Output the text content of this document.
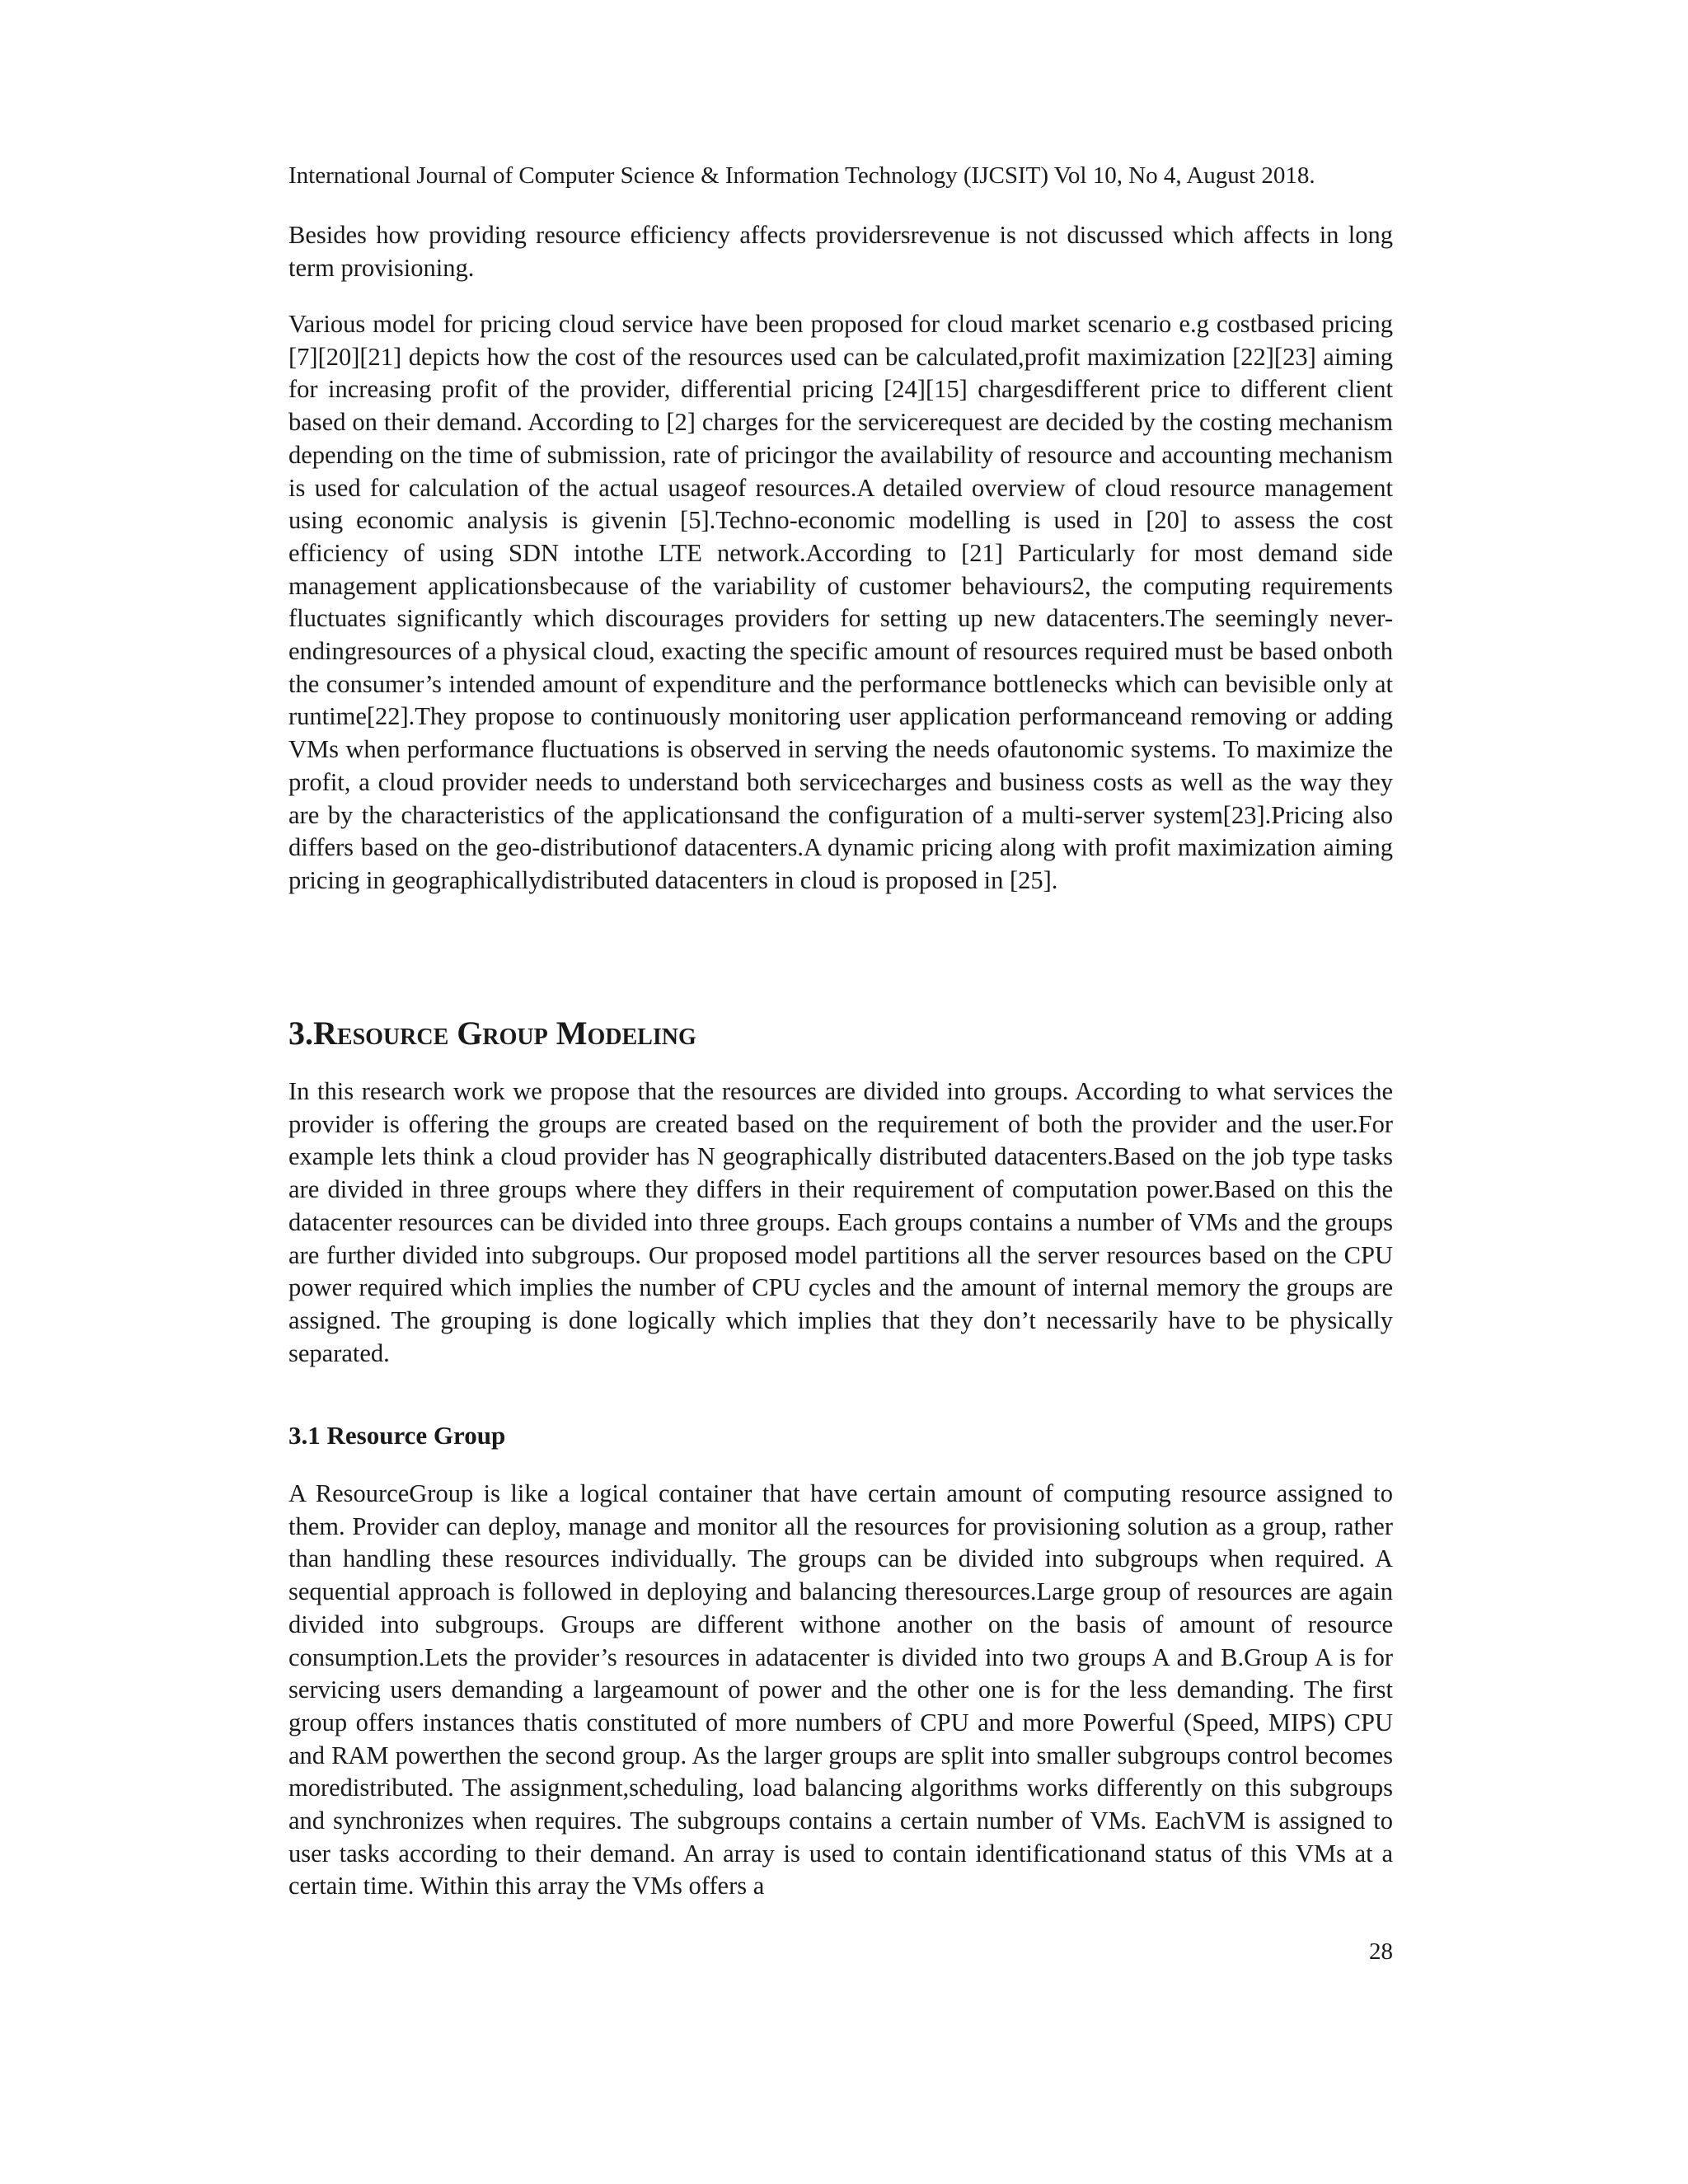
International Journal of Computer Science & Information Technology (IJCSIT) Vol 10, No 4, August 2018.

Besides how providing resource efficiency affects providersrevenue is not discussed which affects in long term provisioning.

Various model for pricing cloud service have been proposed for cloud market scenario e.g costbased pricing [7][20][21] depicts how the cost of the resources used can be calculated,profit maximization [22][23] aiming for increasing profit of the provider, differential pricing [24][15] chargesdifferent price to different client based on their demand. According to [2] charges for the servicerequest are decided by the costing mechanism depending on the time of submission, rate of pricingor the availability of resource and accounting mechanism is used for calculation of the actual usageof resources.A detailed overview of cloud resource management using economic analysis is givenin [5].Techno-economic modelling is used in [20] to assess the cost efficiency of using SDN intothe LTE network.According to [21] Particularly for most demand side management applicationsbecause of the variability of customer behaviours2, the computing requirements fluctuates significantly which discourages providers for setting up new datacenters.The seemingly never-endingresources of a physical cloud, exacting the specific amount of resources required must be based onboth the consumer’s intended amount of expenditure and the performance bottlenecks which can bevisible only at runtime[22].They propose to continuously monitoring user application performanceand removing or adding VMs when performance fluctuations is observed in serving the needs ofautonomic systems. To maximize the profit, a cloud provider needs to understand both servicecharges and business costs as well as the way they are by the characteristics of the applicationsand the configuration of a multi-server system[23].Pricing also differs based on the geo-distributionof datacenters.A dynamic pricing along with profit maximization aiming pricing in geographicallydistributed datacenters in cloud is proposed in [25].

3.Resource Group Modeling

In this research work we propose that the resources are divided into groups. According to what services the provider is offering the groups are created based on the requirement of both the provider and the user.For example lets think a cloud provider has N geographically distributed datacenters.Based on the job type tasks are divided in three groups where they differs in their requirement of computation power.Based on this the datacenter resources can be divided into three groups. Each groups contains a number of VMs and the groups are further divided into subgroups. Our proposed model partitions all the server resources based on the CPU power required which implies the number of CPU cycles and the amount of internal memory the groups are assigned. The grouping is done logically which implies that they don’t necessarily have to be physically separated.

3.1 Resource Group

A ResourceGroup is like a logical container that have certain amount of computing resource assigned to them. Provider can deploy, manage and monitor all the resources for provisioning solution as a group, rather than handling these resources individually. The groups can be divided into subgroups when required. A sequential approach is followed in deploying and balancing theresources.Large group of resources are again divided into subgroups. Groups are different withone another on the basis of amount of resource consumption.Lets the provider’s resources in adatacenter is divided into two groups A and B.Group A is for servicing users demanding a largeamount of power and the other one is for the less demanding. The first group offers instances thatis constituted of more numbers of CPU and more Powerful (Speed, MIPS) CPU and RAM powerthen the second group. As the larger groups are split into smaller subgroups control becomes moredistributed. The assignment,scheduling, load balancing algorithms works differently on this subgroups and synchronizes when requires. The subgroups contains a certain number of VMs. EachVM is assigned to user tasks according to their demand. An array is used to contain identificationand status of this VMs at a certain time. Within this array the VMs offers a

28
